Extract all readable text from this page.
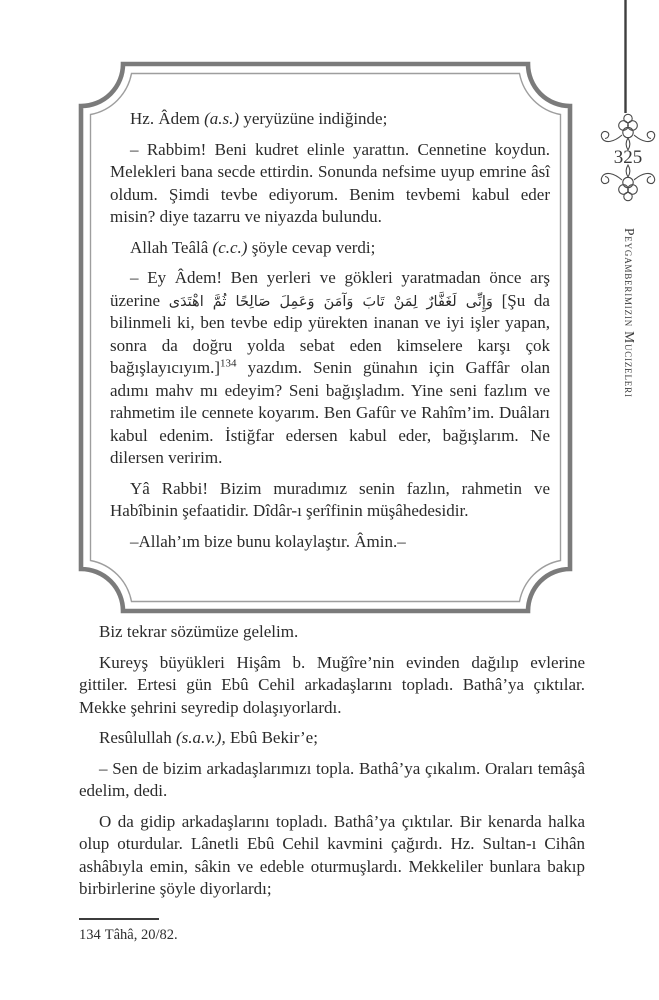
325

Hz. Âdem (a.s.) yeryüzüne indiğinde;

– Rabbim! Beni kudret elinle yarattın. Cennetine koydun. Melekleri bana secde ettirdin. Sonunda nefsime uyup emrine âsî oldum. Şimdi tevbe ediyorum. Benim tevbemi kabul eder misin? diye tazarru ve niyazda bulundu.

Allah Teâlâ (c.c.) şöyle cevap verdi;

– Ey Âdem! Ben yerleri ve gökleri yaratmadan önce arş üzerine وَإِنِّى لَغَفَّارٌ لِمَنْ تَابَ وَآمَنَ وَعَمِلَ صَالِحًا ثُمَّ اهْتَدَى [Şu da bilinmeli ki, ben tevbe edip yürekten inanan ve iyi işler yapan, sonra da doğru yolda sebat eden kimselere karşı çok bağışlayıcıyım.]$^{134}$ yazdım. Senin günahın için Gaffâr olan adımı mahv mı edeyim? Seni bağışladım. Yine seni fazlım ve rahmetim ile cennete koyarım. Ben Gafûr ve Rahîm’im. Duâları kabul edenim. İstiğfar edersen kabul eder, bağışlarım. Ne dilersen veririm.

Yâ Rabbi! Bizim muradımız senin fazlın, rahmetin ve Habîbinin şefaatidir. Dîdâr-ı şerîfinin müşâhedesidir.

–Allah’ım bize bunu kolaylaştır. Âmin.–

Peygamberimizin Mucizeleri

Biz tekrar sözümüze gelelim.

Kureyş büyükleri Hişâm b. Muğîre’nin evinden dağılıp evlerine gittiler. Ertesi gün Ebû Cehil arkadaşlarını topladı. Bathâ’ya çıktılar. Mekke şehrini seyredip dolaşıyorlardı.

Resûlullah (s.a.v.), Ebû Bekir’e;

– Sen de bizim arkadaşlarımızı topla. Bathâ’ya çıkalım. Oraları temâşâ edelim, dedi.

O da gidip arkadaşlarını topladı. Bathâ’ya çıktılar. Bir kenarda halka olup oturdular. Lânetli Ebû Cehil kavmini çağırdı. Hz. Sultan-ı Cihân ashâbıyla emin, sâkin ve edeble oturmuşlardı. Mekkeliler bunlara bakıp birbirlerine şöyle diyorlardı;

134 Tâhâ, 20/82.
